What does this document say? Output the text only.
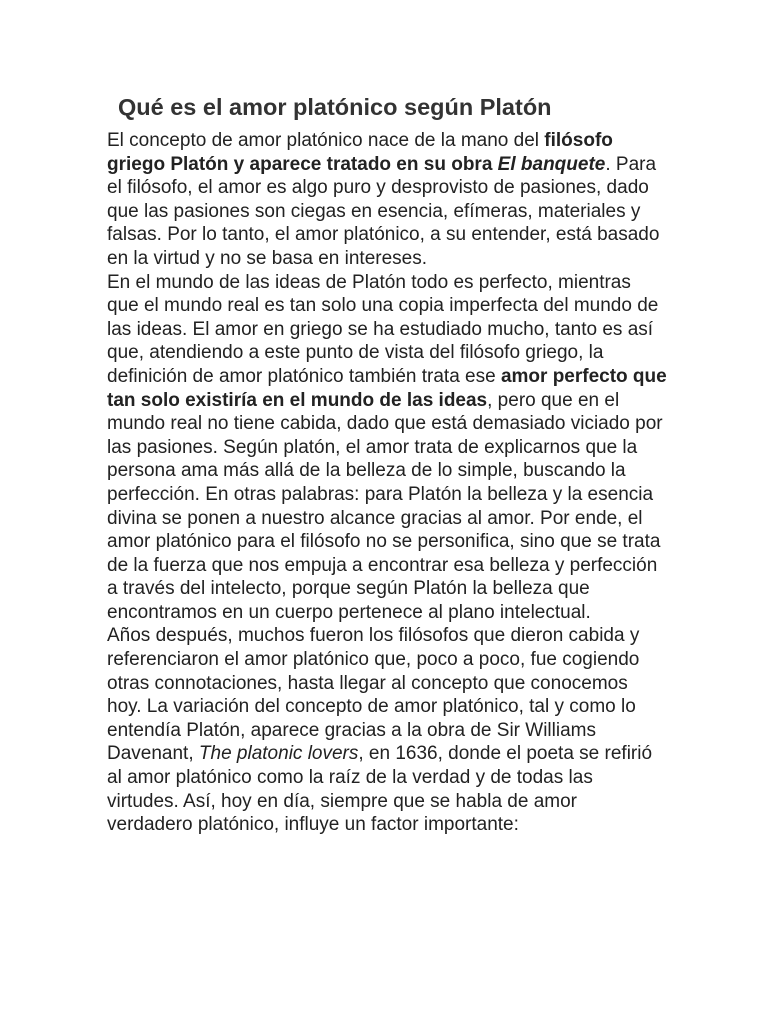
Qué es el amor platónico según Platón

El concepto de amor platónico nace de la mano del filósofo griego Platón y aparece tratado en su obra El banquete. Para el filósofo, el amor es algo puro y desprovisto de pasiones, dado que las pasiones son ciegas en esencia, efímeras, materiales y falsas. Por lo tanto, el amor platónico, a su entender, está basado en la virtud y no se basa en intereses.

En el mundo de las ideas de Platón todo es perfecto, mientras que el mundo real es tan solo una copia imperfecta del mundo de las ideas. El amor en griego se ha estudiado mucho, tanto es así que, atendiendo a este punto de vista del filósofo griego, la definición de amor platónico también trata ese amor perfecto que tan solo existiría en el mundo de las ideas, pero que en el mundo real no tiene cabida, dado que está demasiado viciado por las pasiones. Según platón, el amor trata de explicarnos que la persona ama más allá de la belleza de lo simple, buscando la perfección. En otras palabras: para Platón la belleza y la esencia divina se ponen a nuestro alcance gracias al amor. Por ende, el amor platónico para el filósofo no se personifica, sino que se trata de la fuerza que nos empuja a encontrar esa belleza y perfección a través del intelecto, porque según Platón la belleza que encontramos en un cuerpo pertenece al plano intelectual.

Años después, muchos fueron los filósofos que dieron cabida y referenciaron el amor platónico que, poco a poco, fue cogiendo otras connotaciones, hasta llegar al concepto que conocemos hoy. La variación del concepto de amor platónico, tal y como lo entendía Platón, aparece gracias a la obra de Sir Williams Davenant, The platonic lovers, en 1636, donde el poeta se refirió al amor platónico como la raíz de la verdad y de todas las virtudes. Así, hoy en día, siempre que se habla de amor verdadero platónico, influye un factor importante:
